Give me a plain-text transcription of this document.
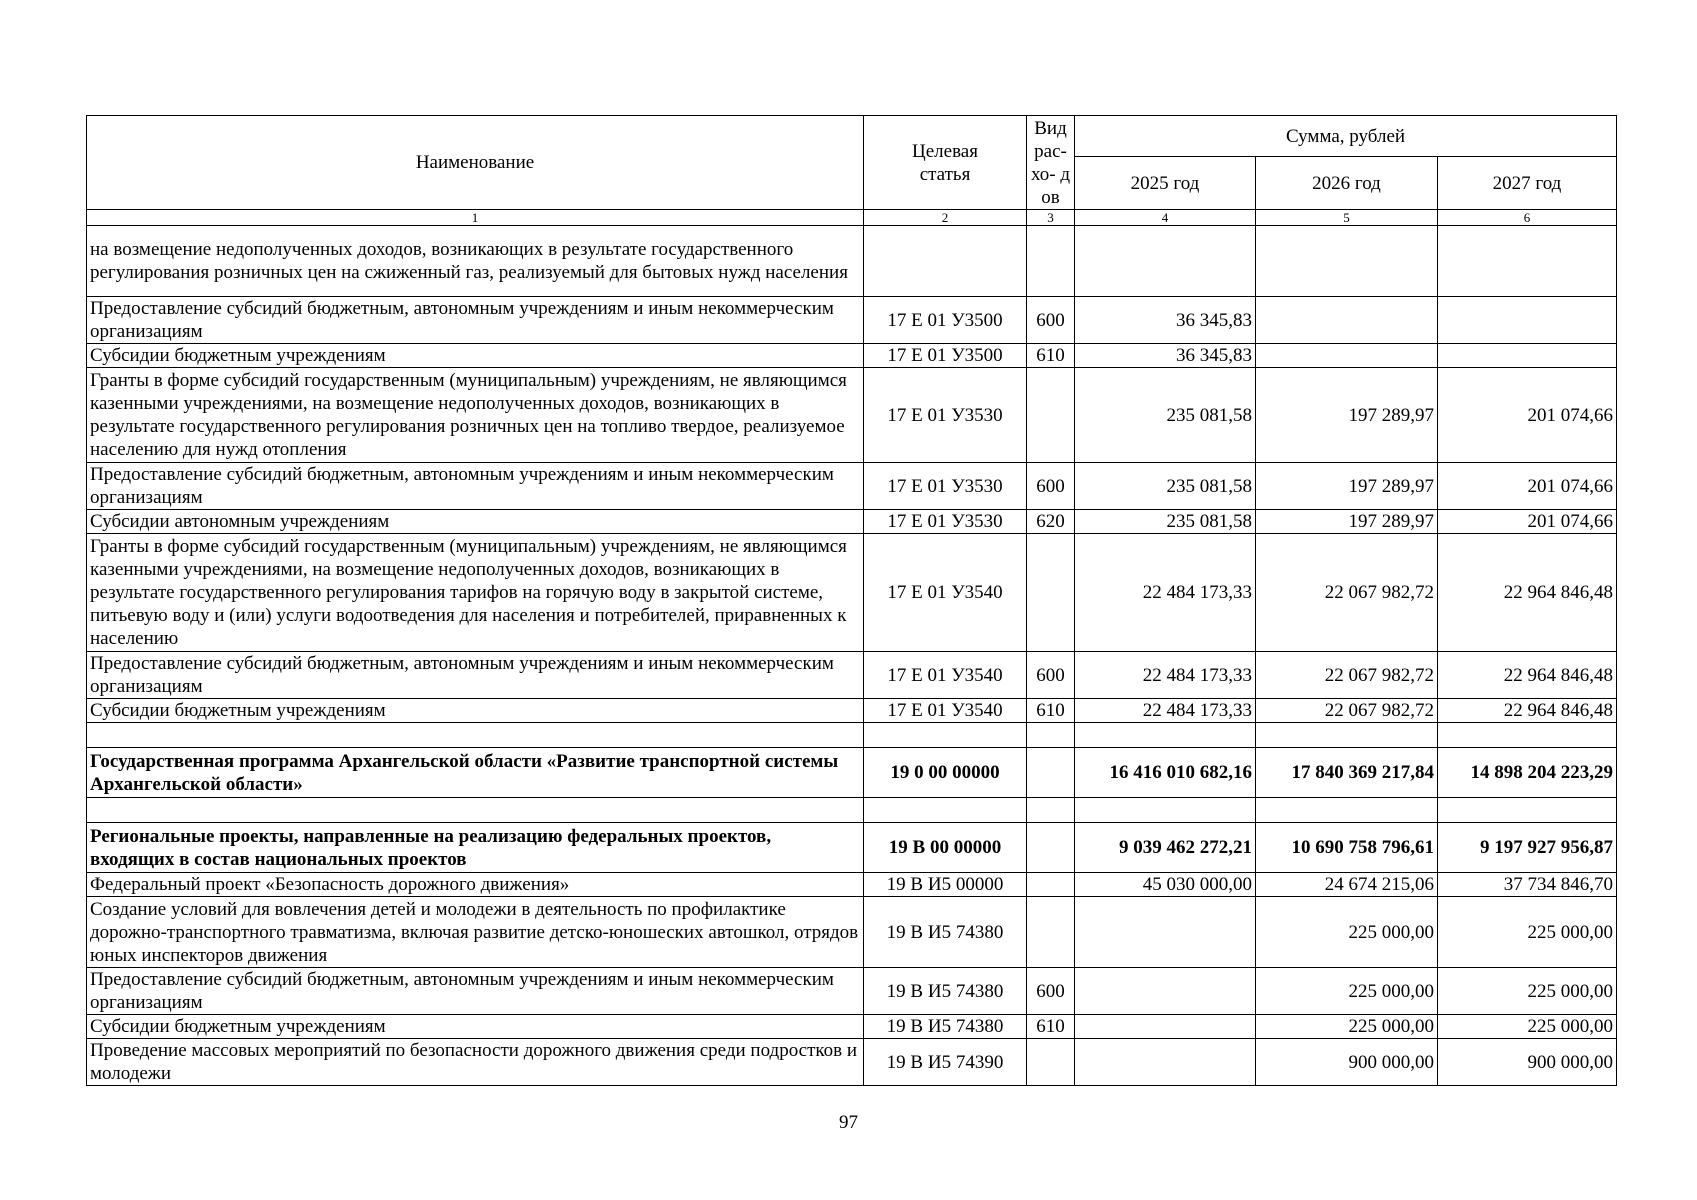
Наименование	Целевая статья	Вид рас- хо- дов	Сумма, рублей		
			2025 год	2026 год	2027 год
1	2	3	4	5	6
на возмещение недополученных доходов, возникающих в результате государственного регулирования розничных цен на сжиженный газ, реализуемый для бытовых нужд населения					
Предоставление субсидий бюджетным, автономным учреждениям и иным некоммерческим организациям	17 Е 01 У3500	600	36 345,83		
Субсидии бюджетным учреждениям	17 Е 01 У3500	610	36 345,83		
Гранты в форме субсидий государственным (муниципальным) учреждениям, не являющимся казенными учреждениями, на возмещение недополученных доходов, возникающих в результате государственного регулирования розничных цен на топливо твердое, реализуемое населению для нужд отопления	17 Е 01 У3530		235 081,58	197 289,97	201 074,66
Предоставление субсидий бюджетным, автономным учреждениям и иным некоммерческим организациям	17 Е 01 У3530	600	235 081,58	197 289,97	201 074,66
Субсидии автономным учреждениям	17 Е 01 У3530	620	235 081,58	197 289,97	201 074,66
Гранты в форме субсидий государственным (муниципальным) учреждениям, не являющимся казенными учреждениями, на возмещение недополученных доходов, возникающих в результате государственного регулирования тарифов на горячую воду в закрытой системе, питьевую воду и (или) услуги водоотведения для населения и потребителей, приравненных к населению	17 Е 01 У3540		22 484 173,33	22 067 982,72	22 964 846,48
Предоставление субсидий бюджетным, автономным учреждениям и иным некоммерческим организациям	17 Е 01 У3540	600	22 484 173,33	22 067 982,72	22 964 846,48
Субсидии бюджетным учреждениям	17 Е 01 У3540	610	22 484 173,33	22 067 982,72	22 964 846,48

Государственная программа Архангельской области «Развитие транспортной системы Архангельской области»	19 0 00 00000		16 416 010 682,16	17 840 369 217,84	14 898 204 223,29

Региональные проекты, направленные на реализацию федеральных проектов, входящих в состав национальных проектов	19 В 00 00000		9 039 462 272,21	10 690 758 796,61	9 197 927 956,87
Федеральный проект «Безопасность дорожного движения»	19 В И5 00000		45 030 000,00	24 674 215,06	37 734 846,70
Создание условий для вовлечения детей и молодежи в деятельность по профилактике дорожно-транспортного травматизма, включая развитие детско-юношеских автошкол, отрядов юных инспекторов движения	19 В И5 74380			225 000,00	225 000,00
Предоставление субсидий бюджетным, автономным учреждениям и иным некоммерческим организациям	19 В И5 74380	600		225 000,00	225 000,00
Субсидии бюджетным учреждениям	19 В И5 74380	610		225 000,00	225 000,00
Проведение массовых мероприятий по безопасности дорожного движения среди подростков и молодежи	19 В И5 74390			900 000,00	900 000,00
97
